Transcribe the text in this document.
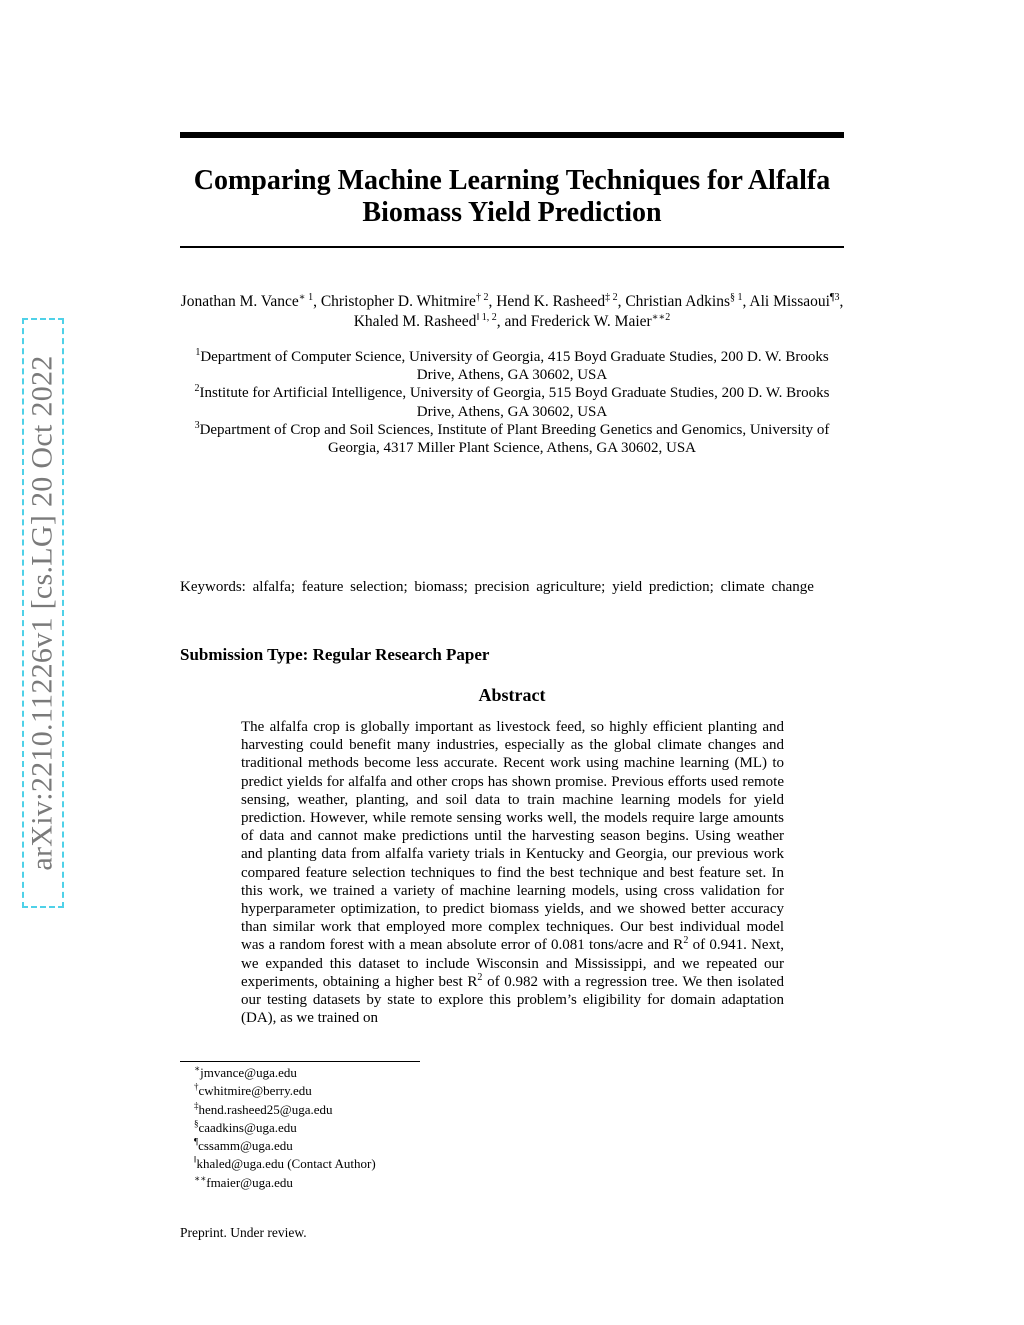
arXiv:2210.11226v1 [cs.LG] 20 Oct 2022
Comparing Machine Learning Techniques for Alfalfa Biomass Yield Prediction
Jonathan M. Vance$^{∗ 1}$, Christopher D. Whitmire$^{\dagger 2}$, Hend K. Rasheed$^{\ddagger 2}$, Christian Adkins$^{\S 1}$, Ali Missaoui$^{\P 3}$, Khaled M. Rasheed$^{‖ 1, 2}$, and Frederick W. Maier$^{∗∗2}$
$^1$Department of Computer Science, University of Georgia, 415 Boyd Graduate Studies, 200 D. W. Brooks Drive, Athens, GA 30602, USA
$^2$Institute for Artificial Intelligence, University of Georgia, 515 Boyd Graduate Studies, 200 D. W. Brooks Drive, Athens, GA 30602, USA
$^3$Department of Crop and Soil Sciences, Institute of Plant Breeding Genetics and Genomics, University of Georgia, 4317 Miller Plant Science, Athens, GA 30602, USA
Keywords: alfalfa; feature selection; biomass; precision agriculture; yield prediction; climate change
Submission Type: Regular Research Paper
Abstract
The alfalfa crop is globally important as livestock feed, so highly efficient planting and harvesting could benefit many industries, especially as the global climate changes and traditional methods become less accurate. Recent work using machine learning (ML) to predict yields for alfalfa and other crops has shown promise. Previous efforts used remote sensing, weather, planting, and soil data to train machine learning models for yield prediction. However, while remote sensing works well, the models require large amounts of data and cannot make predictions until the harvesting season begins. Using weather and planting data from alfalfa variety trials in Kentucky and Georgia, our previous work compared feature selection techniques to find the best technique and best feature set. In this work, we trained a variety of machine learning models, using cross validation for hyperparameter optimization, to predict biomass yields, and we showed better accuracy than similar work that employed more complex techniques. Our best individual model was a random forest with a mean absolute error of 0.081 tons/acre and $R^2$ of 0.941. Next, we expanded this dataset to include Wisconsin and Mississippi, and we repeated our experiments, obtaining a higher best $R^2$ of 0.982 with a regression tree. We then isolated our testing datasets by state to explore this problem’s eligibility for domain adaptation (DA), as we trained on
∗jmvance@uga.edu
†cwhitmire@berry.edu
‡hend.rasheed25@uga.edu
§caadkins@uga.edu
¶cssamm@uga.edu
‖khaled@uga.edu (Contact Author)
∗∗fmaier@uga.edu
Preprint. Under review.
